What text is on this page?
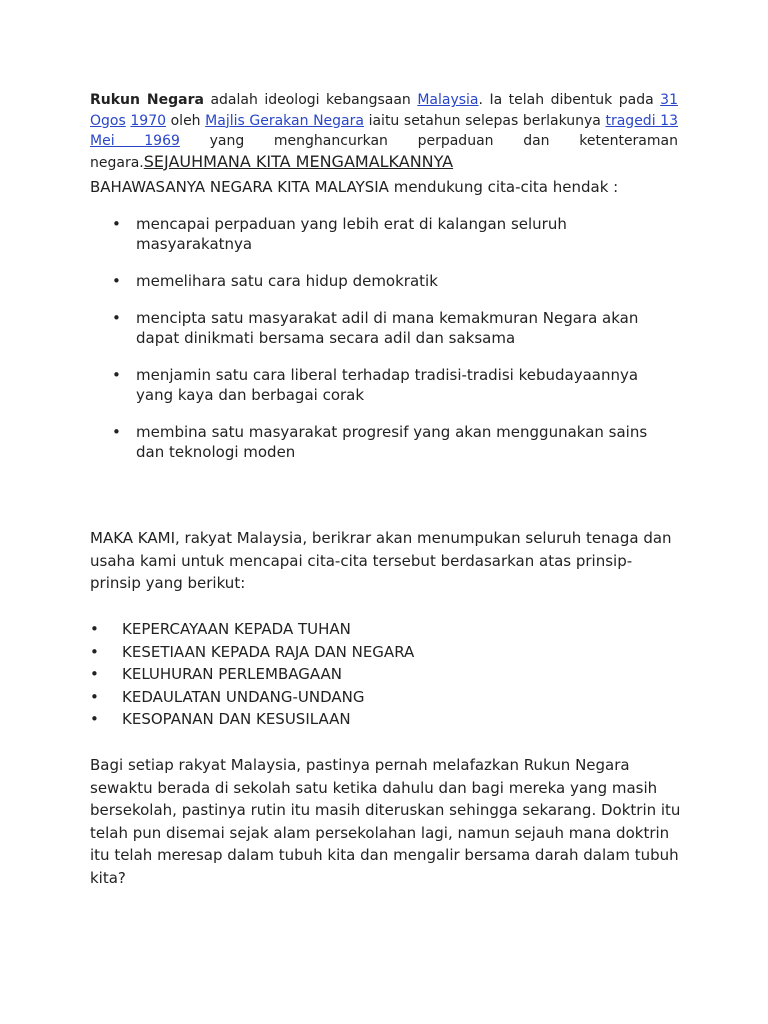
Rukun Negara adalah ideologi kebangsaan Malaysia. Ia telah dibentuk pada 31 Ogos 1970 oleh Majlis Gerakan Negara iaitu setahun selepas berlakunya tragedi 13 Mei 1969 yang menghancurkan perpaduan dan ketenteraman negara.SEJAUHMANA KITA MENGAMALKANNYA

BAHAWASANYA NEGARA KITA MALAYSIA mendukung cita-cita hendak :

• mencapai perpaduan yang lebih erat di kalangan seluruh masyarakatnya
• memelihara satu cara hidup demokratik
• mencipta satu masyarakat adil di mana kemakmuran Negara akan dapat dinikmati bersama secara adil dan saksama
• menjamin satu cara liberal terhadap tradisi-tradisi kebudayaannya yang kaya dan berbagai corak
• membina satu masyarakat progresif yang akan menggunakan sains dan teknologi moden

MAKA KAMI, rakyat Malaysia, berikrar akan menumpukan seluruh tenaga dan usaha kami untuk mencapai cita-cita tersebut berdasarkan atas prinsip-prinsip yang berikut:

• KEPERCAYAAN KEPADA TUHAN
• KESETIAAN KEPADA RAJA DAN NEGARA
• KELUHURAN PERLEMBAGAAN
• KEDAULATAN UNDANG-UNDANG
• KESOPANAN DAN KESUSILAAN

Bagi setiap rakyat Malaysia, pastinya pernah melafazkan Rukun Negara sewaktu berada di sekolah satu ketika dahulu dan bagi mereka yang masih bersekolah, pastinya rutin itu masih diteruskan sehingga sekarang. Doktrin itu telah pun disemai sejak alam persekolahan lagi, namun sejauh mana doktrin itu telah meresap dalam tubuh kita dan mengalir bersama darah dalam tubuh kita?
